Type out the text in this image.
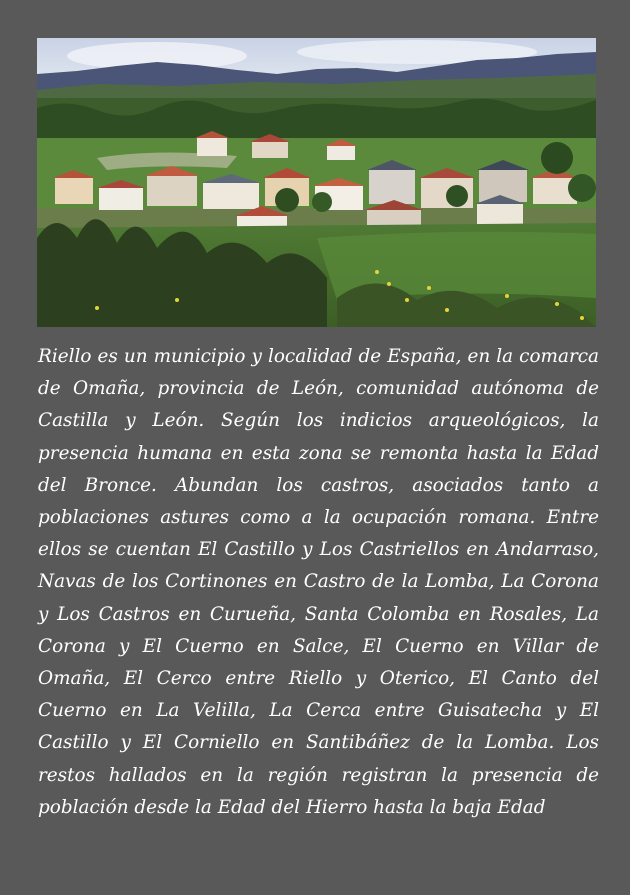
Riello es un municipio y localidad de España, en la comarca de Omaña, provincia de León, comunidad autónoma de Castilla y León. Según los indicios arqueológicos, la presencia humana en esta zona se remonta hasta la Edad del Bronce. Abundan los castros, asociados tanto a poblaciones astures como a la ocupación romana. Entre ellos se cuentan El Castillo y Los Castriellos en Andarraso, Navas de los Cortinones en Castro de la Lomba, La Corona y Los Castros en Curueña, Santa Colomba en Rosales, La Corona y El Cuerno en Salce, El Cuerno en Villar de Omaña, El Cerco entre Riello y Oterico, El Canto del Cuerno en La Velilla, La Cerca entre Guisatecha y El Castillo y El Corniello en Santibáñez de la Lomba. Los restos hallados en la región registran la presencia de población desde la Edad del Hierro hasta la baja Edad
